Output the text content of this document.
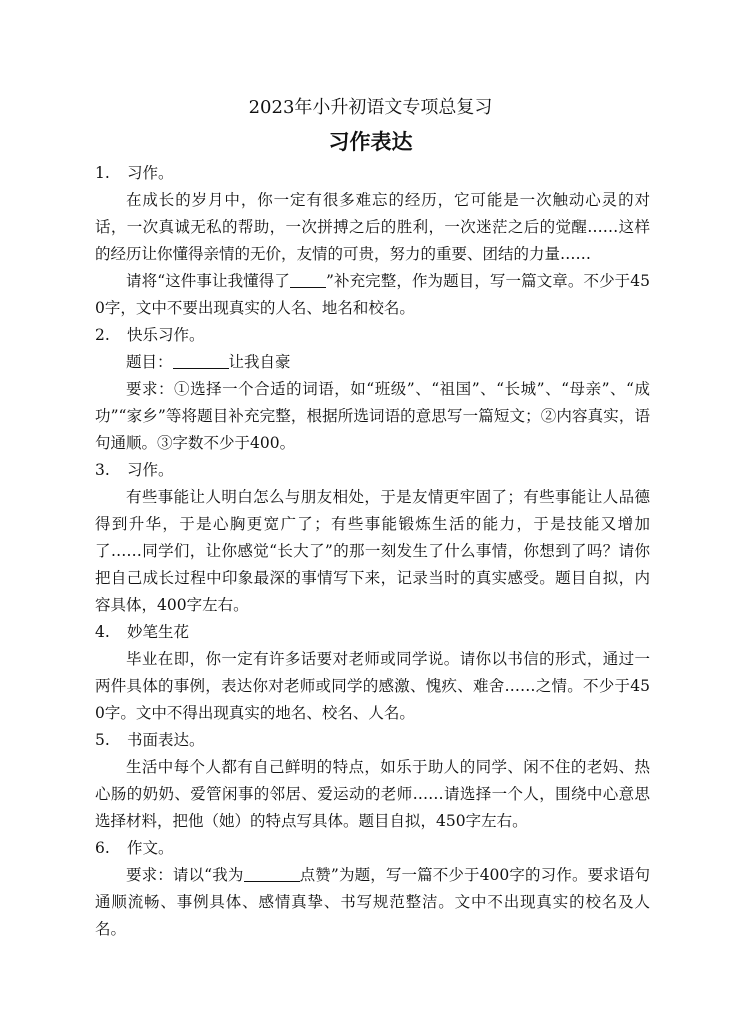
2023年小升初语文专项总复习
习作表达
1.	习作。
在成长的岁月中，你一定有很多难忘的经历，它可能是一次触动心灵的对话，一次真诚无私的帮助，一次拼搏之后的胜利，一次迷茫之后的觉醒……这样的经历让你懂得亲情的无价，友情的可贵，努力的重要、团结的力量……
请将“这件事让我懂得了 ”补充完整，作为题目，写一篇文章。不少于450字，文中不要出现真实的人名、地名和校名。
2.	快乐习作。
题目：	让我自豪
要求：①选择一个合适的词语，如“班级”、“祖国”、“长城”、“母亲”、“成功”“家乡”等将题目补充完整，根据所选词语的意思写一篇短文；②内容真实，语句通顺。③字数不少于400。
3.	习作。
有些事能让人明白怎么与朋友相处，于是友情更牢固了；有些事能让人品德得到升华，于是心胸更宽广了；有些事能锻炼生活的能力，于是技能又增加了……同学们，让你感觉“长大了”的那一刻发生了什么事情，你想到了吗？请你把自己成长过程中印象最深的事情写下来，记录当时的真实感受。题目自拟，内容具体，400字左右。
4.	妙笔生花
毕业在即，你一定有许多话要对老师或同学说。请你以书信的形式，通过一两件具体的事例，表达你对老师或同学的感激、愧疚、难舍……之情。不少于450字。文中不得出现真实的地名、校名、人名。
5.	书面表达。
生活中每个人都有自己鲜明的特点，如乐于助人的同学、闲不住的老妈、热心肠的奶奶、爱管闲事的邻居、爱运动的老师……请选择一个人，围绕中心意思选择材料，把他（她）的特点写具体。题目自拟，450字左右。
6.	作文。
要求：请以“我为	点赞”为题，写一篇不少于400字的习作。要求语句通顺流畅、事例具体、感情真挚、书写规范整洁。文中不出现真实的校名及人名。
